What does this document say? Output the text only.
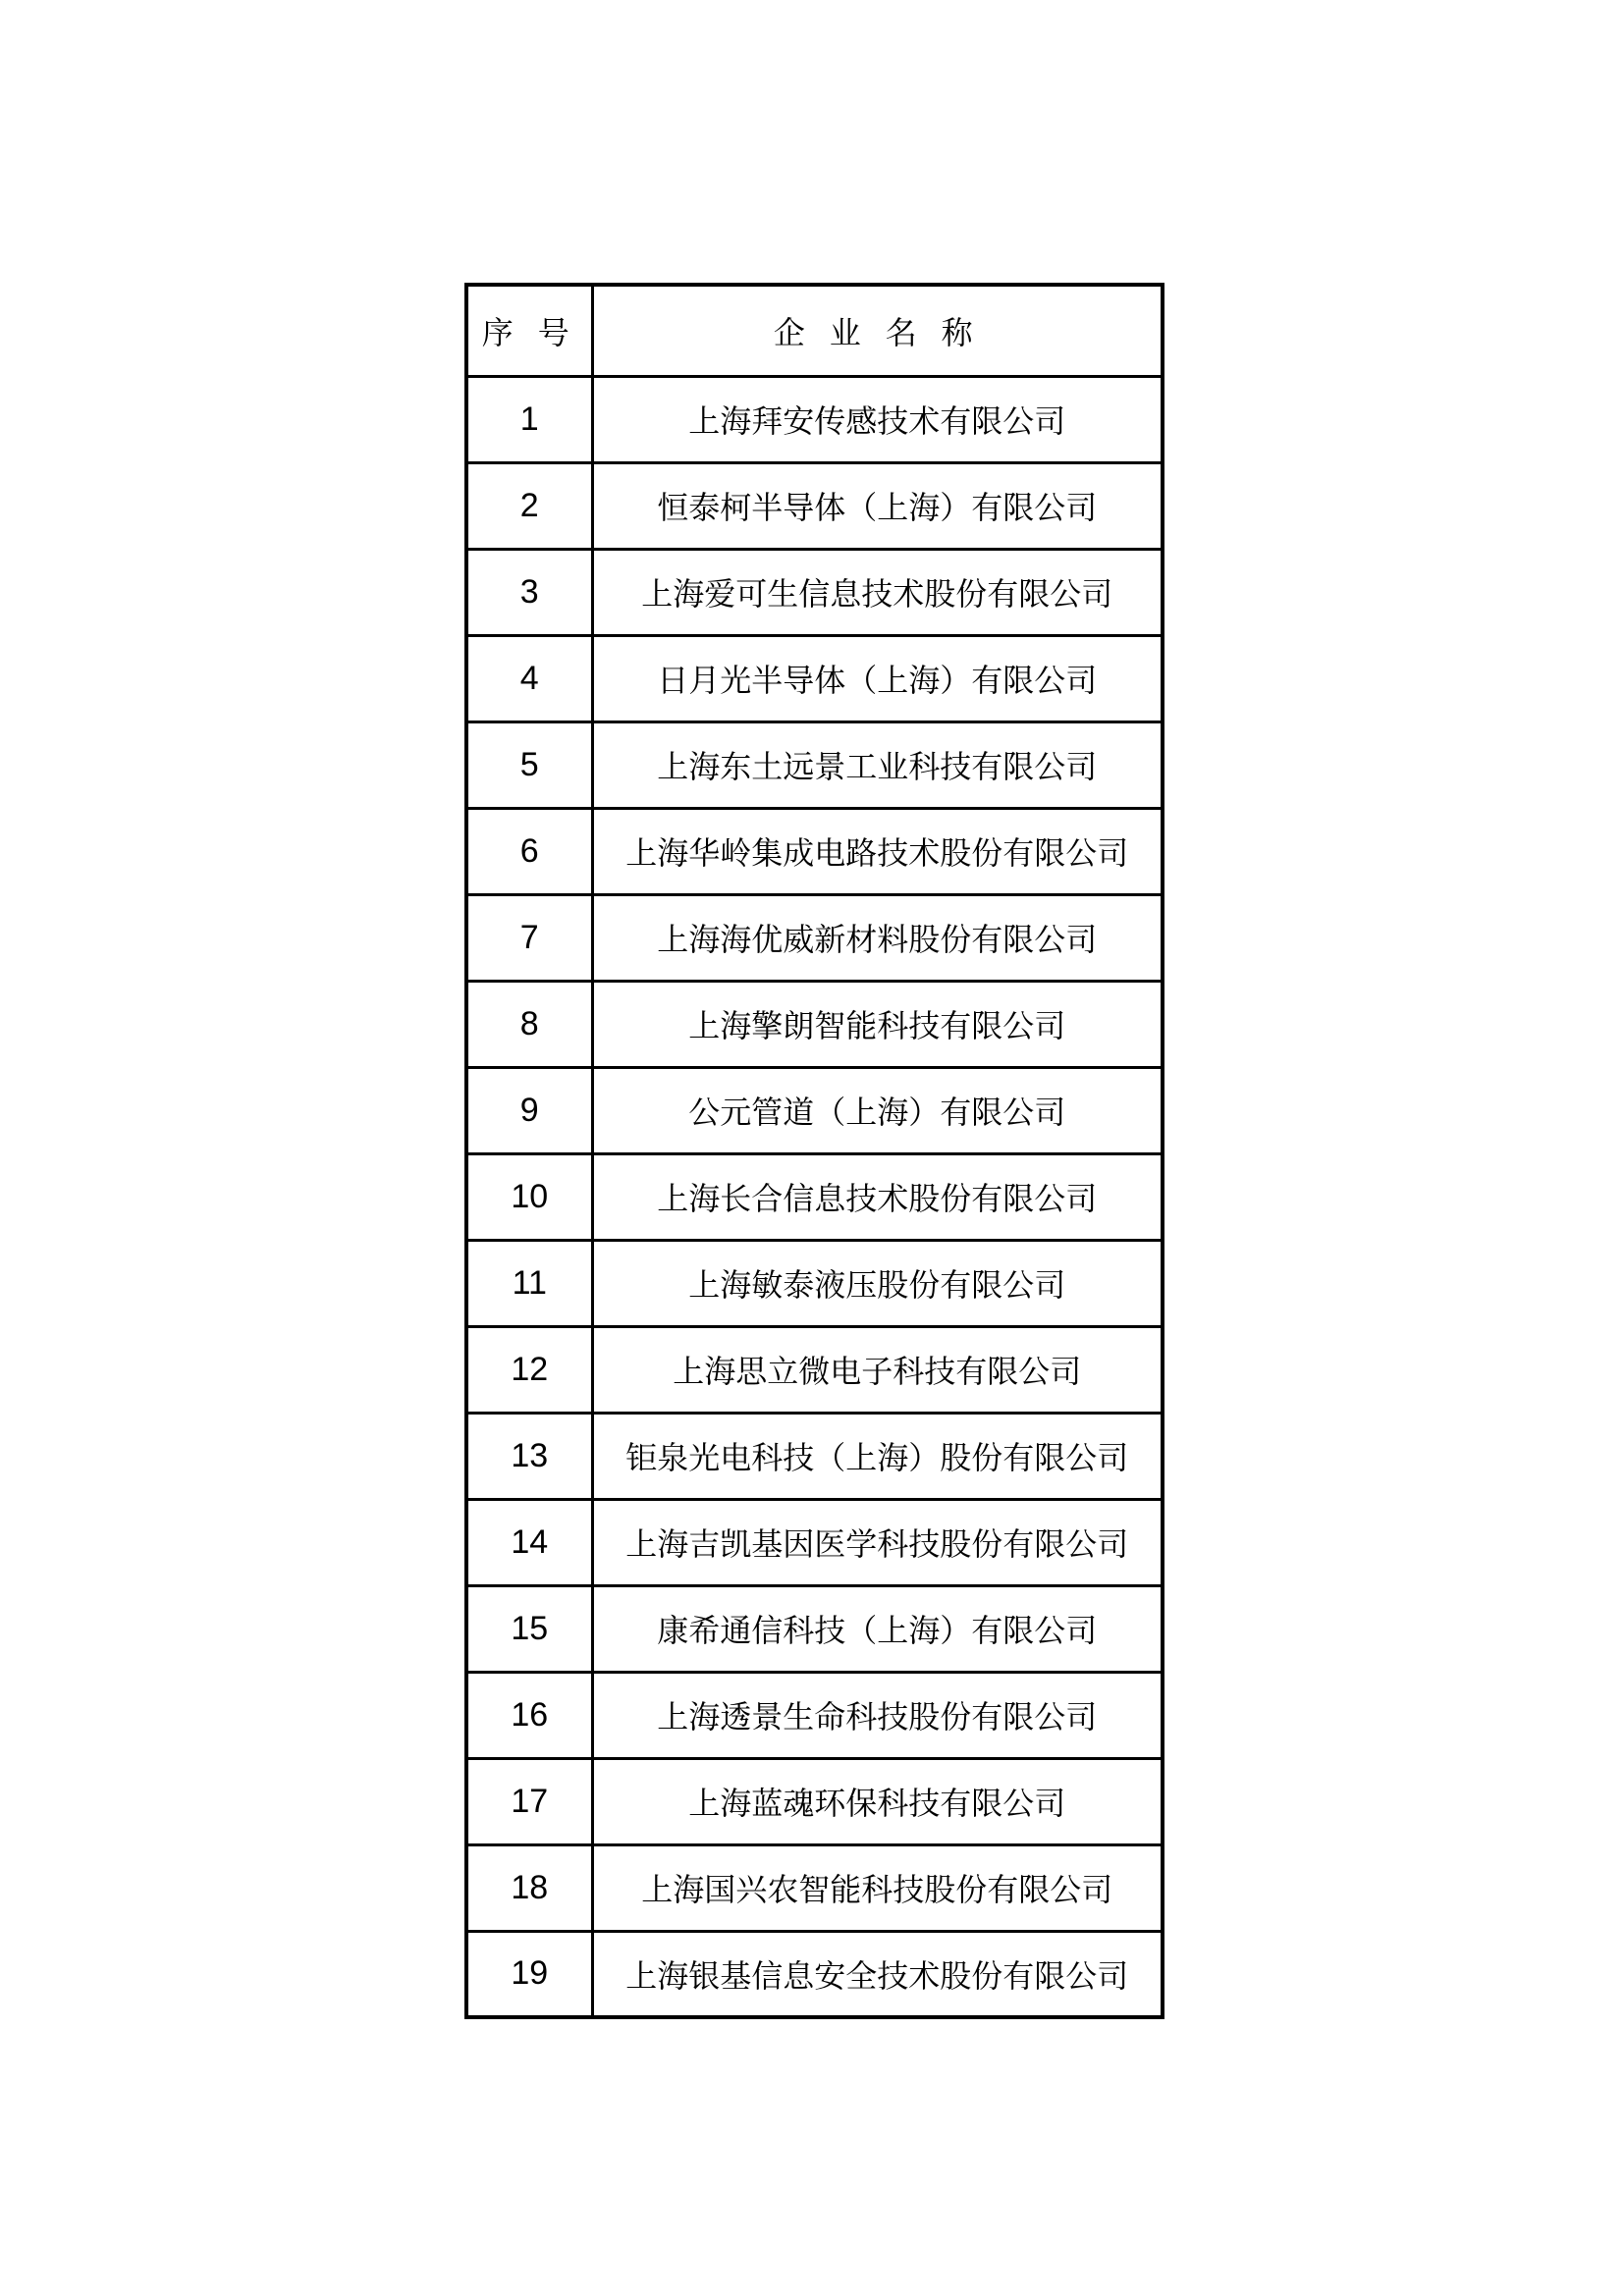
序 号	企 业 名 称
1	上海拜安传感技术有限公司
2	恒泰柯半导体（上海）有限公司
3	上海爱可生信息技术股份有限公司
4	日月光半导体（上海）有限公司
5	上海东土远景工业科技有限公司
6	上海华岭集成电路技术股份有限公司
7	上海海优威新材料股份有限公司
8	上海擎朗智能科技有限公司
9	公元管道（上海）有限公司
10	上海长合信息技术股份有限公司
11	上海敏泰液压股份有限公司
12	上海思立微电子科技有限公司
13	钜泉光电科技（上海）股份有限公司
14	上海吉凯基因医学科技股份有限公司
15	康希通信科技（上海）有限公司
16	上海透景生命科技股份有限公司
17	上海蓝魂环保科技有限公司
18	上海国兴农智能科技股份有限公司
19	上海银基信息安全技术股份有限公司
